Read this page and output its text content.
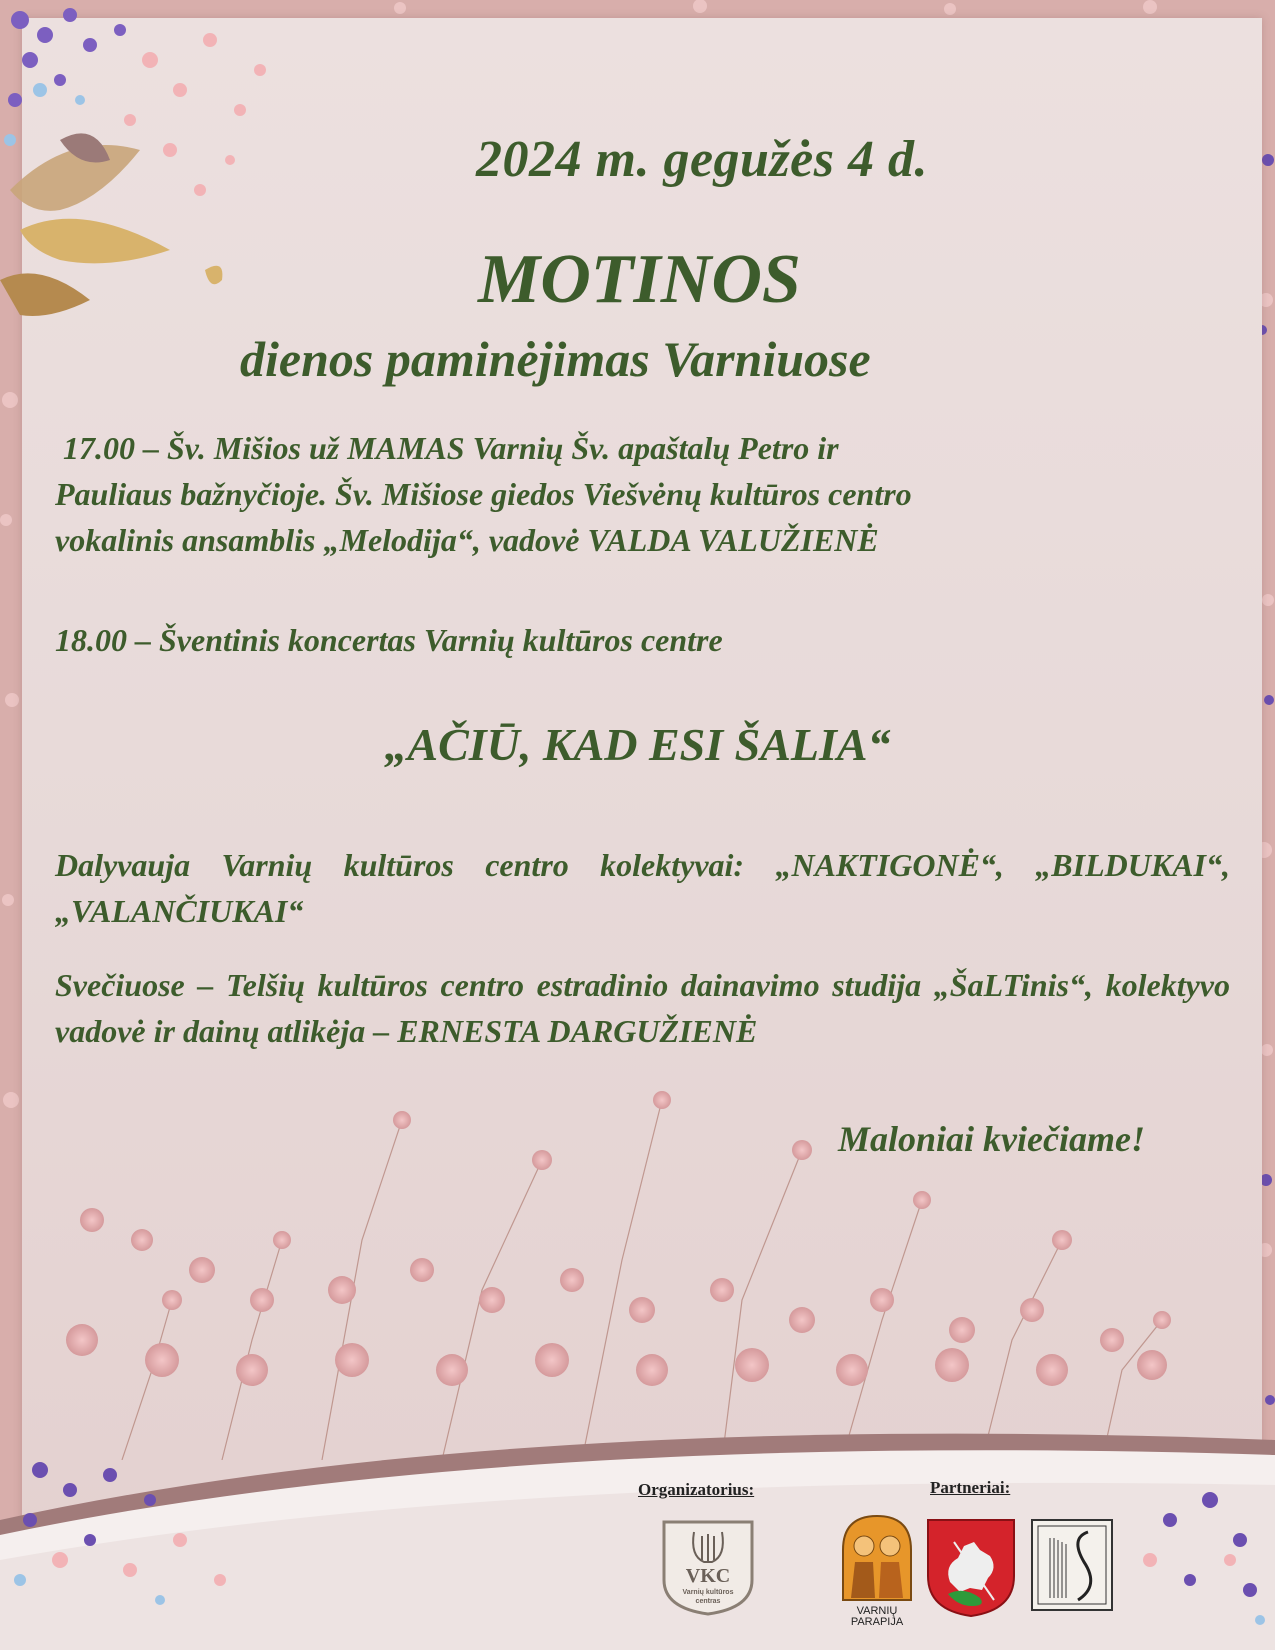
2024 m. gegužės 4 d.

MOTINOS

dienos paminėjimas Varniuose

17.00 – Šv. Mišios už MAMAS Varnių Šv. apaštalų Petro ir
Pauliaus bažnyčioje. Šv. Mišiose giedos Viešvėnų kultūros centro
vokalinis ansamblis „Melodija“, vadovė VALDA VALUŽIENĖ

18.00 – Šventinis koncertas Varnių kultūros centre

„AČIŪ, KAD ESI ŠALIA“

Dalyvauja Varnių kultūros centro kolektyvai: „NAKTIGONĖ“, „BILDUKAI“, „VALANČIUKAI“

Svečiuose – Telšių kultūros centro estradinio dainavimo studija „ŠaLTinis“, kolektyvo vadovė ir dainų atlikėja – ERNESTA DARGUŽIENĖ

Maloniai kviečiame!

Organizatorius:	Partneriai:
VKC
Varnių kultūros
centras
VARNIŲ
PARAPIJA
